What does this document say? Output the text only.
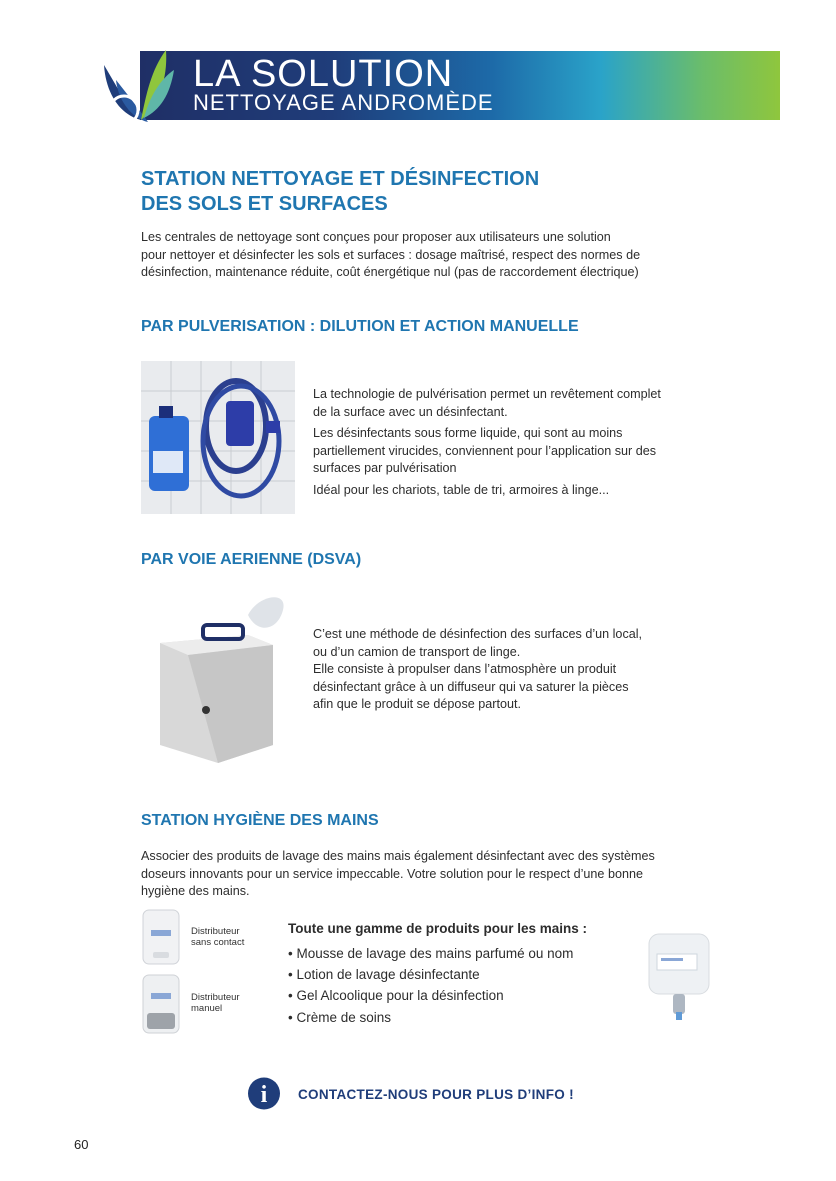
LA SOLUTION
NETTOYAGE ANDROMÈDE
STATION NETTOYAGE ET DÉSINFECTION
DES SOLS ET SURFACES
Les centrales de nettoyage sont conçues pour proposer aux utilisateurs une solution
pour nettoyer et désinfecter les sols et surfaces : dosage maîtrisé, respect des normes de
désinfection, maintenance réduite, coût énergétique nul (pas de raccordement électrique)
PAR PULVERISATION : DILUTION ET ACTION MANUELLE
La technologie de pulvérisation permet un revêtement complet
de la surface avec un désinfectant.
Les désinfectants sous forme liquide, qui sont au moins
partiellement virucides, conviennent pour l’application sur des
surfaces par pulvérisation
Idéal pour les chariots, table de tri, armoires à linge...
PAR VOIE AERIENNE (DSVA)
C’est une méthode de désinfection des surfaces d’un local,
ou d’un camion de transport de linge.
Elle consiste à propulser dans l’atmosphère un produit
désinfectant grâce à un diffuseur qui va saturer la pièces
afin que le produit se dépose partout.
STATION HYGIÈNE DES MAINS
Associer des produits de lavage des mains mais également désinfectant avec des systèmes
doseurs innovants pour un service impeccable. Votre solution pour le respect d’une bonne
hygiène des mains.
Distributeur
sans contact
Distributeur
manuel
Toute une gamme de produits pour les mains :
• Mousse de lavage des mains parfumé ou nom
• Lotion de lavage désinfectante
• Gel Alcoolique pour la désinfection
• Crème de soins
i CONTACTEZ-NOUS POUR PLUS D’INFO !
60
